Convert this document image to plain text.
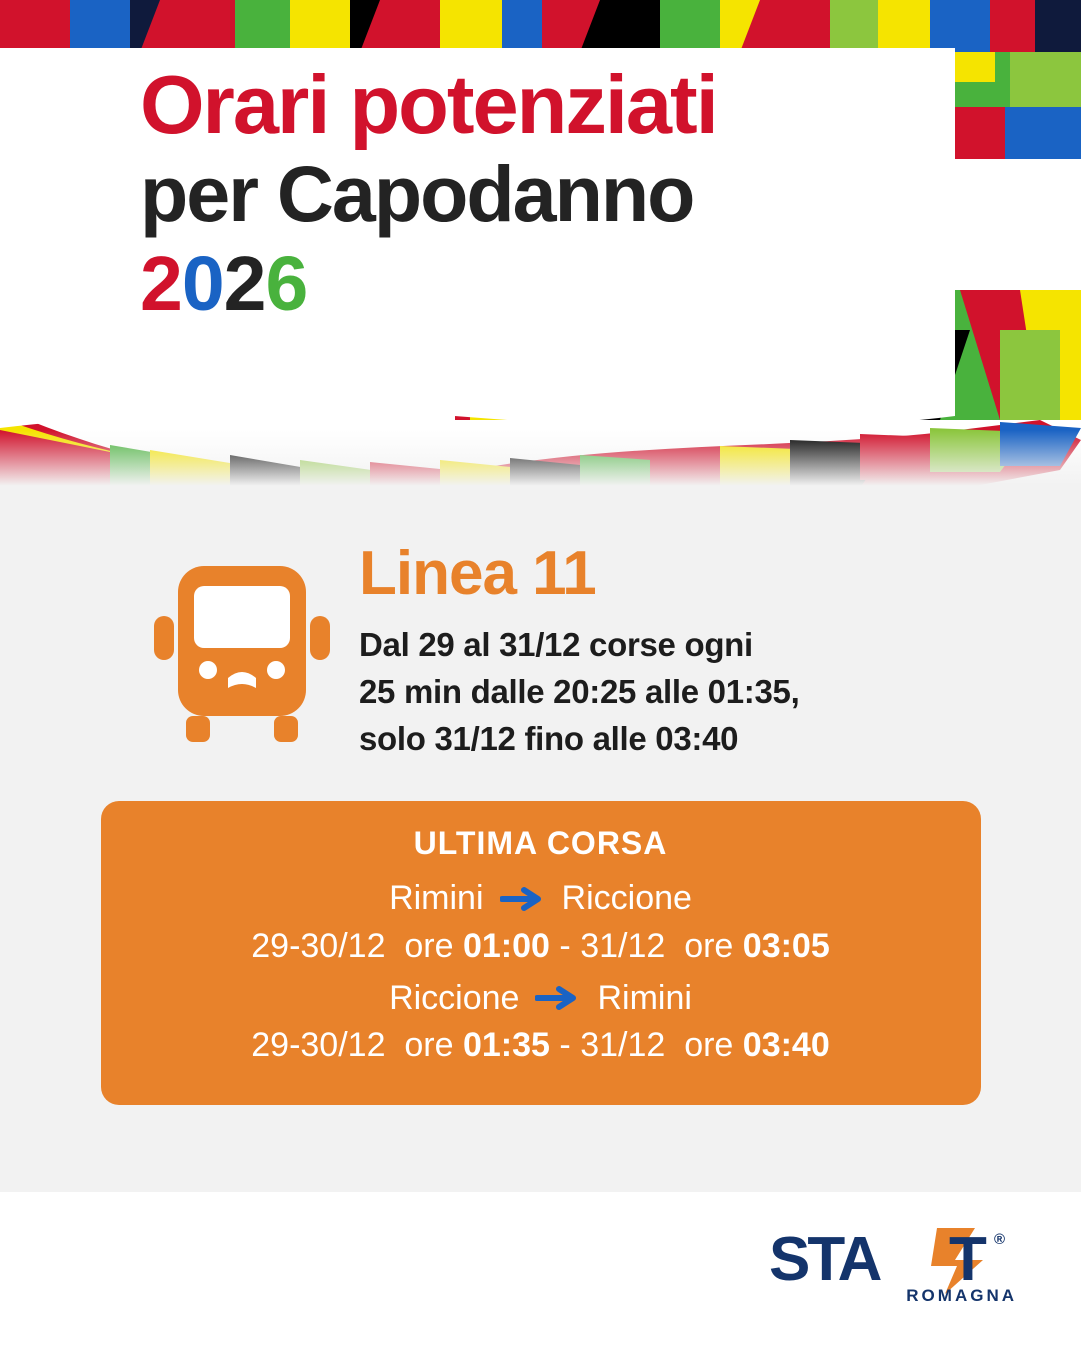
Orari potenziati
per Capodanno
2026
Linea 11
Dal 29 al 31/12 corse ogni
25 min dalle 20:25 alle 01:35,
solo 31/12 fino alle 03:40
ULTIMA CORSA
Rimini Riccione
29-30/12 ore 01:00 - 31/12 ore 03:05
Riccione Rimini
29-30/12 ore 01:35 - 31/12 ore 03:40
STA T ®
ROMAGNA
